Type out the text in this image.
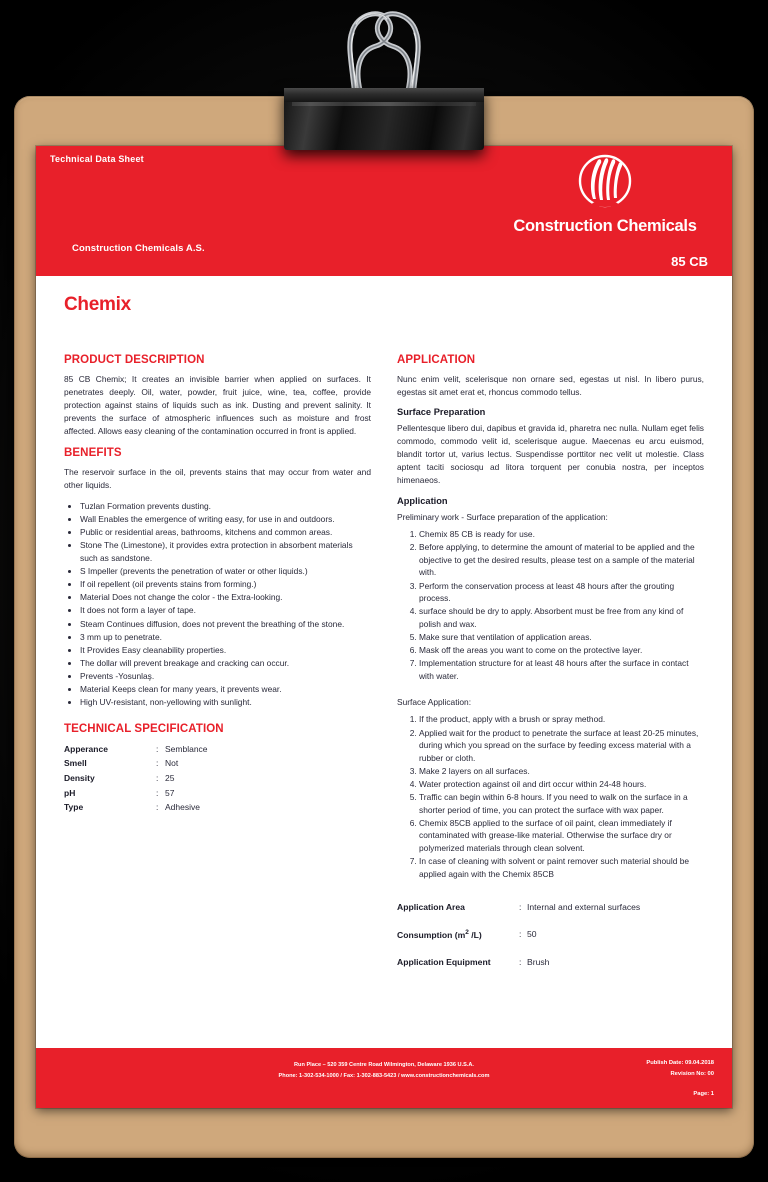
Technical Data Sheet
Construction Chemicals A.S.
Construction Chemicals
85 CB
Chemix
PRODUCT DESCRIPTION

85 CB Chemix; It creates an invisible barrier when applied on surfaces. It penetrates deeply. Oil, water, powder, fruit juice, wine, tea, coffee, provide protection against stains of liquids such as ink. Dusting and prevent salinity. It prevents the surface of atmospheric influences such as moisture and frost affected. Allows easy cleaning of the contamination occurred in front is applied.

BENEFITS

The reservoir surface in the oil, prevents stains that may occur from water and other liquids.

• Tuzlan Formation prevents dusting.
• Wall Enables the emergence of writing easy, for use in and outdoors.
• Public or residential areas, bathrooms, kitchens and common areas.
• Stone The (Limestone), it provides extra protection in absorbent materials such as sandstone.
• S Impeller (prevents the penetration of water or other liquids.)
• If oil repellent (oil prevents stains from forming.)
• Material Does not change the color - the Extra-looking.
• It does not form a layer of tape.
• Steam Continues diffusion, does not prevent the breathing of the stone.
• 3 mm up to penetrate.
• It Provides Easy cleanability properties.
• The dollar will prevent breakage and cracking can occur.
• Prevents -Yosunlaş.
• Material Keeps clean for many years, it prevents wear.
• High UV-resistant, non-yellowing with sunlight.
TECHNICAL SPECIFICATION
Apperance	: Semblance
Smell	: Not
Density	: 25
pH	: 57
Type	: Adhesive
APPLICATION

Nunc enim velit, scelerisque non ornare sed, egestas ut nisl. In libero purus, egestas sit amet erat et, rhoncus commodo tellus.

Surface Preparation

Pellentesque libero dui, dapibus et gravida id, pharetra nec nulla. Nullam eget felis commodo, commodo velit id, scelerisque augue. Maecenas eu arcu euismod, blandit tortor ut, varius lectus. Suspendisse porttitor nec velit ut molestie. Class aptent taciti sociosqu ad litora torquent per conubia nostra, per inceptos himenaeos.

Application

Preliminary work - Surface preparation of the application:

1. Chemix 85 CB is ready for use.
2. Before applying, to determine the amount of material to be applied and the objective to get the desired results, please test on a sample of the material with.
3. Perform the conservation process at least 48 hours after the grouting process.
4. surface should be dry to apply. Absorbent must be free from any kind of polish and wax.
5. Make sure that ventilation of application areas.
6. Mask off the areas you want to come on the protective layer.
7. Implementation structure for at least 48 hours after the surface in contact with water.

Surface Application:

1. If the product, apply with a brush or spray method.
2. Applied wait for the product to penetrate the surface at least 20-25 minutes, during which you spread on the surface by feeding excess material with a rubber or cloth.
3. Make 2 layers on all surfaces.
4. Water protection against oil and dirt occur within 24-48 hours.
5. Traffic can begin within 6-8 hours. If you need to walk on the surface in a shorter period of time, you can protect the surface with wax paper.
6. Chemix 85CB applied to the surface of oil paint, clean immediately if contaminated with grease-like material. Otherwise the surface dry or polymerized materials through clean solvent.
7. In case of cleaning with solvent or paint remover such material should be applied again with the Chemix 85CB
Application Area	: Internal and external surfaces
Consumption ($m^2$ /L)	: 50
Application Equipment	: Brush
Run Place – 520 359 Centre Road Wilmington, Delaware 1936 U.S.A.
Phone: 1-302-534-1000 / Fax: 1-302-883-5423 / www.constructionchemicals.com
Publish Date: 09.04.2018
Revision No: 00
Page: 1
